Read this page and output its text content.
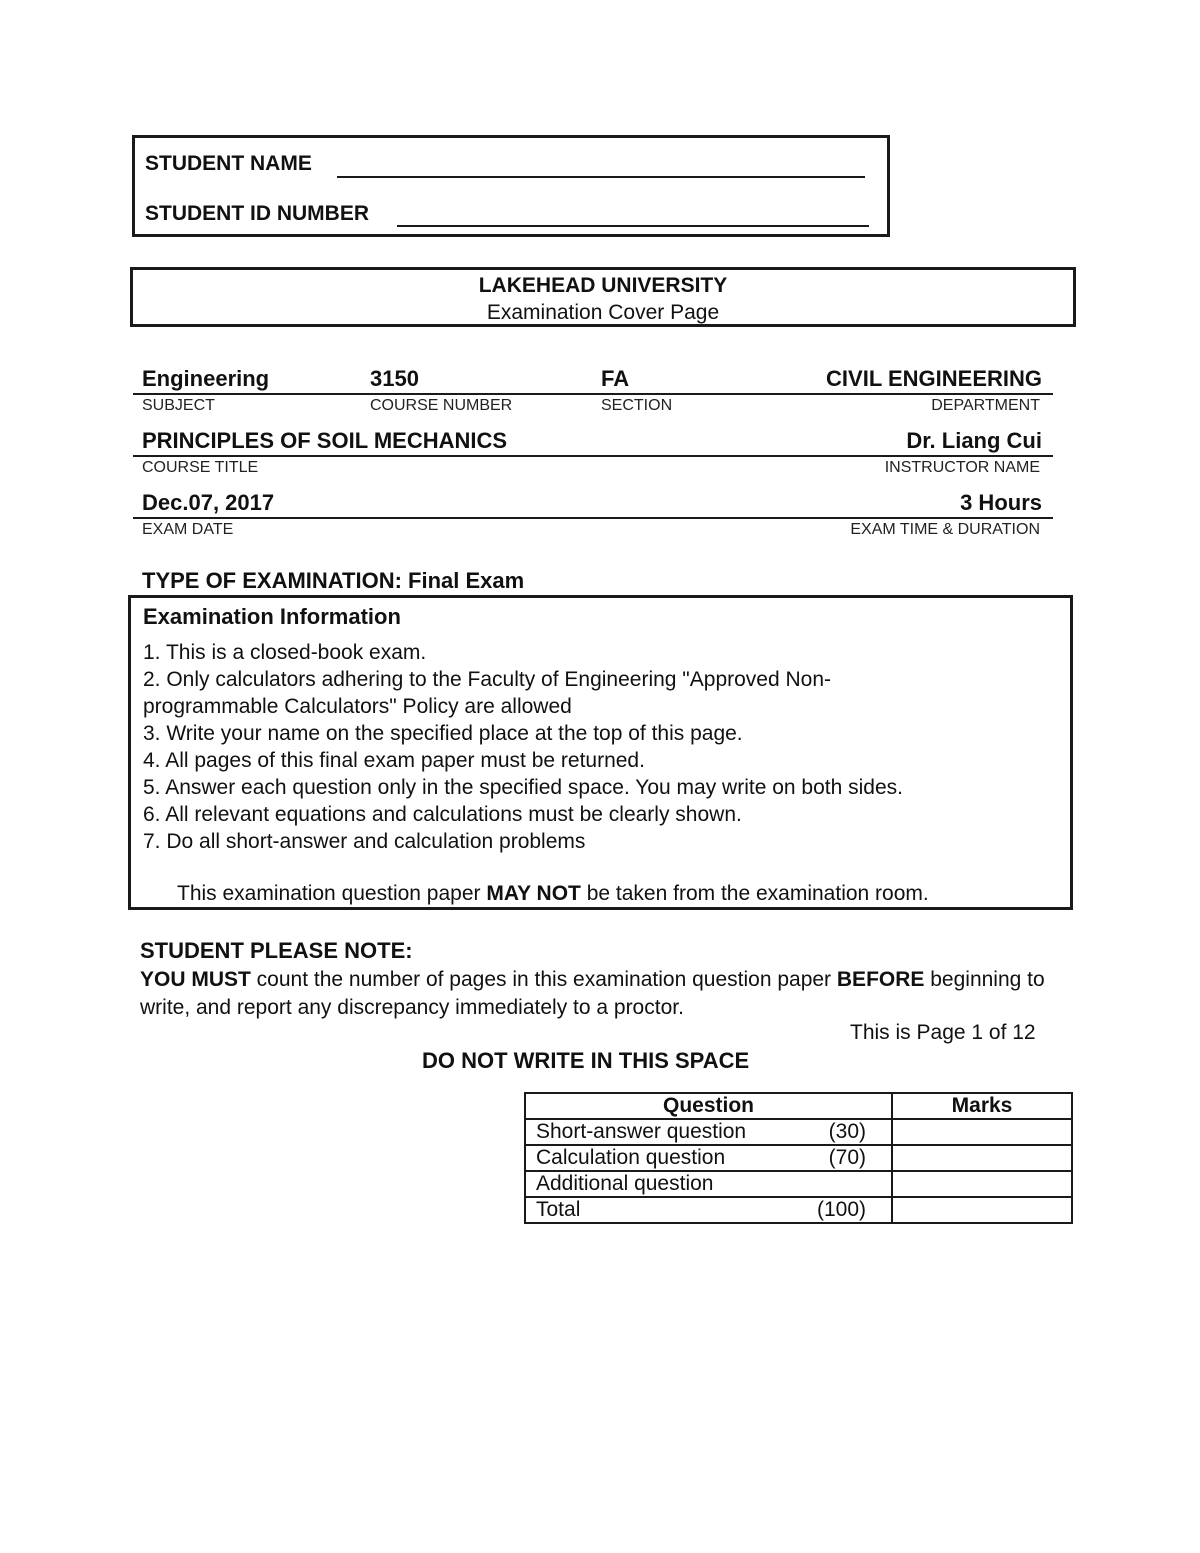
STUDENT NAME
STUDENT ID NUMBER
LAKEHEAD UNIVERSITY
Examination Cover Page
Engineering	3150	FA	CIVIL ENGINEERING
SUBJECT	COURSE NUMBER	SECTION	DEPARTMENT
PRINCIPLES OF SOIL MECHANICS	Dr. Liang Cui
COURSE TITLE	INSTRUCTOR NAME
Dec.07, 2017	3 Hours
EXAM DATE	EXAM TIME & DURATION
TYPE OF EXAMINATION: Final Exam
Examination Information
1. This is a closed-book exam.
2. Only calculators adhering to the Faculty of Engineering "Approved Non-
programmable Calculators" Policy are allowed
3. Write your name on the specified place at the top of this page.
4. All pages of this final exam paper must be returned.
5. Answer each question only in the specified space. You may write on both sides.
6. All relevant equations and calculations must be clearly shown.
7. Do all short-answer and calculation problems
This examination question paper MAY NOT be taken from the examination room.
STUDENT PLEASE NOTE:
YOU MUST count the number of pages in this examination question paper BEFORE beginning to write, and report any discrepancy immediately to a proctor.
This is Page 1 of 12
DO NOT WRITE IN THIS SPACE
Question		Marks
Short-answer question	(30)	
Calculation question	(70)	
Additional question		
Total	(100)	
